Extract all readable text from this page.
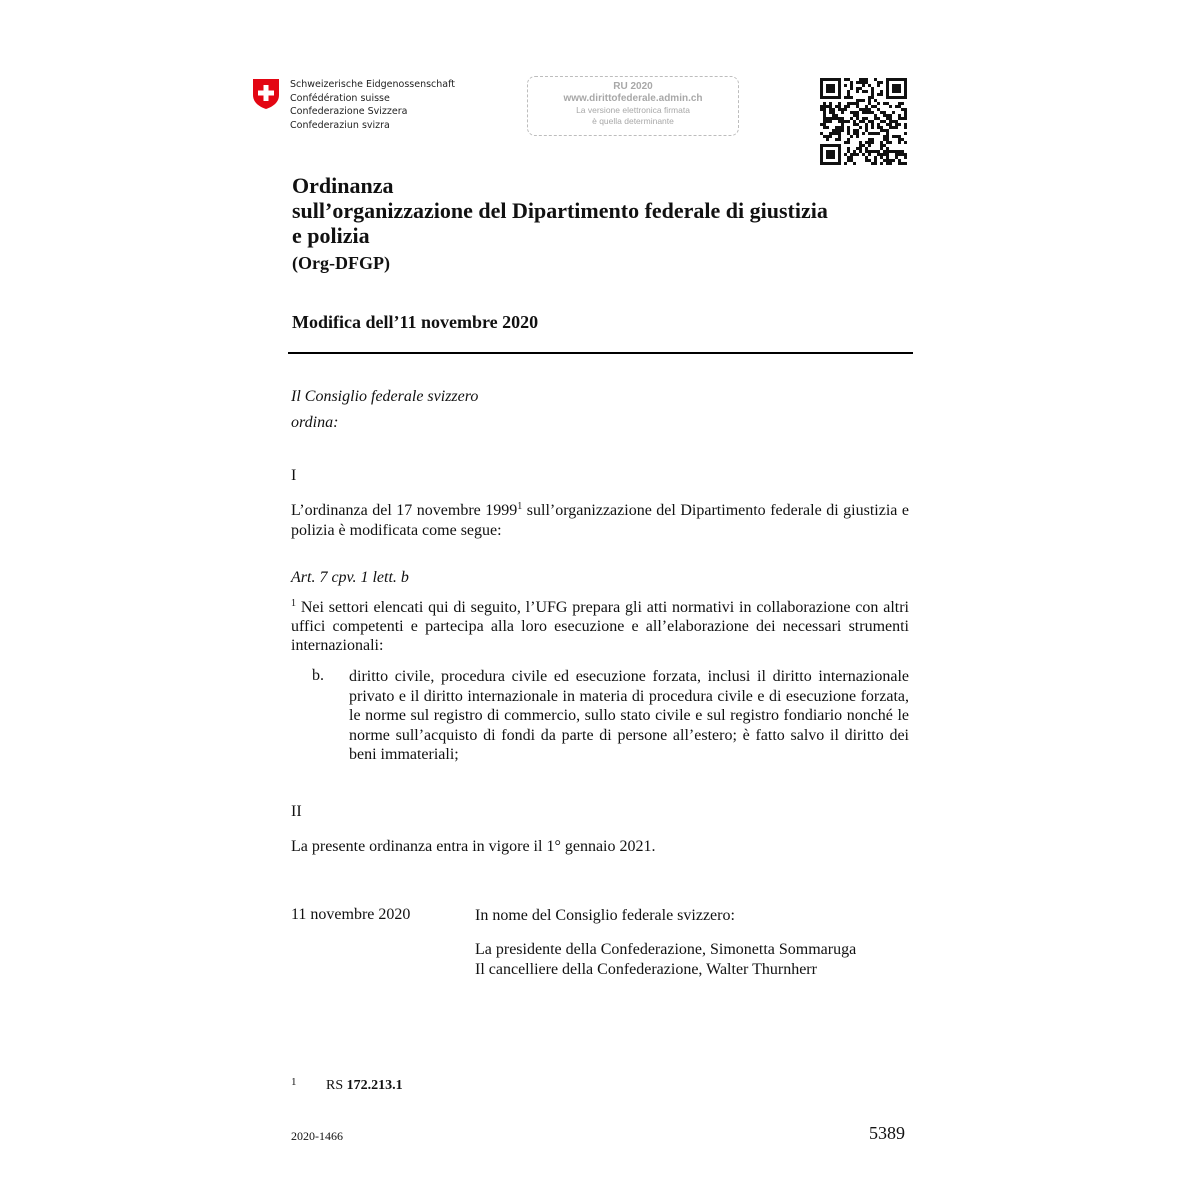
Schweizerische Eidgenossenschaft
Confédération suisse
Confederazione Svizzera
Confederaziun svizra
RU 2020
www.dirittofederale.admin.ch
La versione elettronica firmata
è quella determinante
Ordinanza
sull’organizzazione del Dipartimento federale di giustizia
e polizia
(Org-DFGP)
Modifica dell’11 novembre 2020
Il Consiglio federale svizzero
ordina:
I
L’ordinanza del 17 novembre 1999$^1$ sull’organizzazione del Dipartimento federale di giustizia e polizia è modificata come segue:
Art. 7 cpv. 1 lett. b
$^1$ Nei settori elencati qui di seguito, l’UFG prepara gli atti normativi in collaborazione con altri uffici competenti e partecipa alla loro esecuzione e all’elaborazione dei necessari strumenti internazionali:
b. diritto civile, procedura civile ed esecuzione forzata, inclusi il diritto internazionale privato e il diritto internazionale in materia di procedura civile e di esecuzione forzata, le norme sul registro di commercio, sullo stato civile e sul registro fondiario nonché le norme sull’acquisto di fondi da parte di persone all’estero; è fatto salvo il diritto dei beni immateriali;
II
La presente ordinanza entra in vigore il 1° gennaio 2021.
11 novembre 2020	In nome del Consiglio federale svizzero:
La presidente della Confederazione, Simonetta Sommaruga
Il cancelliere della Confederazione, Walter Thurnherr
1 RS 172.213.1
2020-1466	5389
